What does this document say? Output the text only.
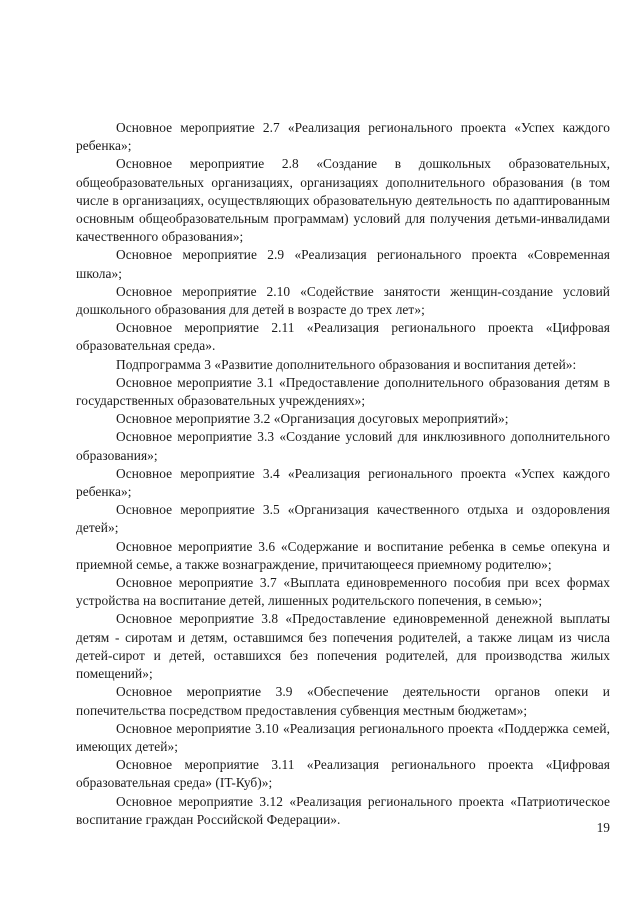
Основное мероприятие 2.7 «Реализация регионального проекта «Успех каждого ребенка»;

Основное мероприятие 2.8 «Создание в дошкольных образовательных, общеобразовательных организациях, организациях дополнительного образования (в том числе в организациях, осуществляющих образовательную деятельность по адаптированным основным общеобразовательным программам) условий для получения детьми-инвалидами качественного образования»;

Основное мероприятие 2.9 «Реализация регионального проекта «Современная школа»;

Основное мероприятие 2.10 «Содействие занятости женщин-создание условий дошкольного образования для детей в возрасте до трех лет»;

Основное мероприятие 2.11 «Реализация регионального проекта «Цифровая образовательная среда».

Подпрограмма 3 «Развитие дополнительного образования и воспитания детей»:

Основное мероприятие 3.1 «Предоставление дополнительного образования детям в государственных образовательных учреждениях»;

Основное мероприятие 3.2 «Организация досуговых мероприятий»;

Основное мероприятие 3.3 «Создание условий для инклюзивного дополнительного образования»;

Основное мероприятие 3.4 «Реализация регионального проекта «Успех каждого ребенка»;

Основное мероприятие 3.5 «Организация качественного отдыха и оздоровления детей»;

Основное мероприятие 3.6 «Содержание и воспитание ребенка в семье опекуна и приемной семье, а также вознаграждение, причитающееся приемному родителю»;

Основное мероприятие 3.7 «Выплата единовременного пособия при всех формах устройства на воспитание детей, лишенных родительского попечения, в семью»;

Основное мероприятие 3.8 «Предоставление единовременной денежной выплаты детям - сиротам и детям, оставшимся без попечения родителей, а также лицам из числа детей-сирот и детей, оставшихся без попечения родителей, для производства жилых помещений»;

Основное мероприятие 3.9 «Обеспечение деятельности органов опеки и попечительства посредством предоставления субвенция местным бюджетам»;

Основное мероприятие 3.10 «Реализация регионального проекта «Поддержка семей, имеющих детей»;

Основное мероприятие 3.11 «Реализация регионального проекта «Цифровая образовательная среда» (IT-Куб)»;

Основное мероприятие 3.12 «Реализация регионального проекта «Патриотическое воспитание граждан Российской Федерации».

19
